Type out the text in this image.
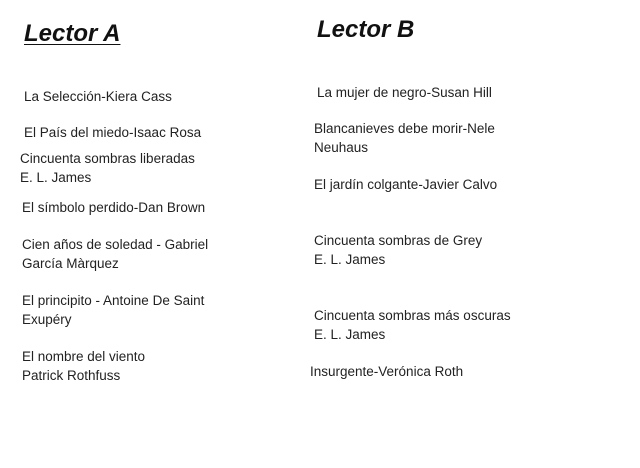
Lector A	Lector B
La Selección-Kiera Cass
El País del miedo-Isaac Rosa
Cincuenta sombras liberadas
E. L. James
El símbolo perdido-Dan Brown
Cien años de soledad - Gabriel
García Màrquez
El principito - Antoine De Saint
Exupéry
El nombre del viento
Patrick Rothfuss
La mujer de negro-Susan Hill
Blancanieves debe morir-Nele
Neuhaus
El jardín colgante-Javier Calvo
Cincuenta sombras de Grey
E. L. James
Cincuenta sombras más oscuras
E. L. James
Insurgente-Verónica Roth
